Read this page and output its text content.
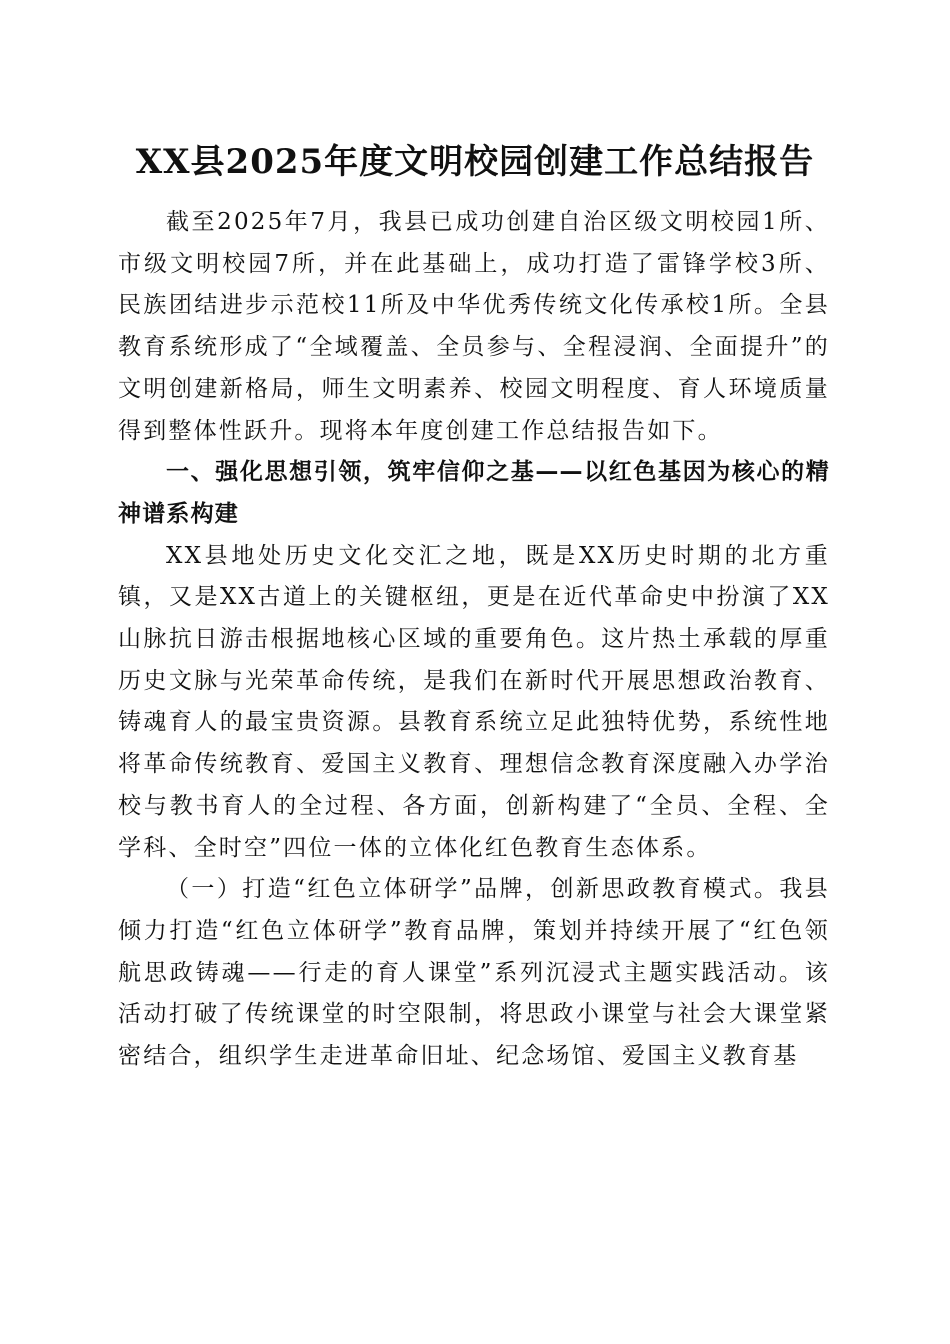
XX县2025年度文明校园创建工作总结报告

截至2025年7月，我县已成功创建自治区级文明校园1所、市级文明校园7所，并在此基础上，成功打造了雷锋学校3所、民族团结进步示范校11所及中华优秀传统文化传承校1所。全县教育系统形成了“全域覆盖、全员参与、全程浸润、全面提升”的文明创建新格局，师生文明素养、校园文明程度、育人环境质量得到整体性跃升。现将本年度创建工作总结报告如下。

一、强化思想引领，筑牢信仰之基——以红色基因为核心的精神谱系构建

XX县地处历史文化交汇之地，既是XX历史时期的北方重镇，又是XX古道上的关键枢纽，更是在近代革命史中扮演了XX山脉抗日游击根据地核心区域的重要角色。这片热土承载的厚重历史文脉与光荣革命传统，是我们在新时代开展思想政治教育、铸魂育人的最宝贵资源。县教育系统立足此独特优势，系统性地将革命传统教育、爱国主义教育、理想信念教育深度融入办学治校与教书育人的全过程、各方面，创新构建了“全员、全程、全学科、全时空”四位一体的立体化红色教育生态体系。

（一）打造“红色立体研学”品牌，创新思政教育模式。我县倾力打造“红色立体研学”教育品牌，策划并持续开展了“红色领航思政铸魂——行走的育人课堂”系列沉浸式主题实践活动。该活动打破了传统课堂的时空限制，将思政小课堂与社会大课堂紧密结合，组织学生走进革命旧址、纪念场馆、爱国主义教育基
